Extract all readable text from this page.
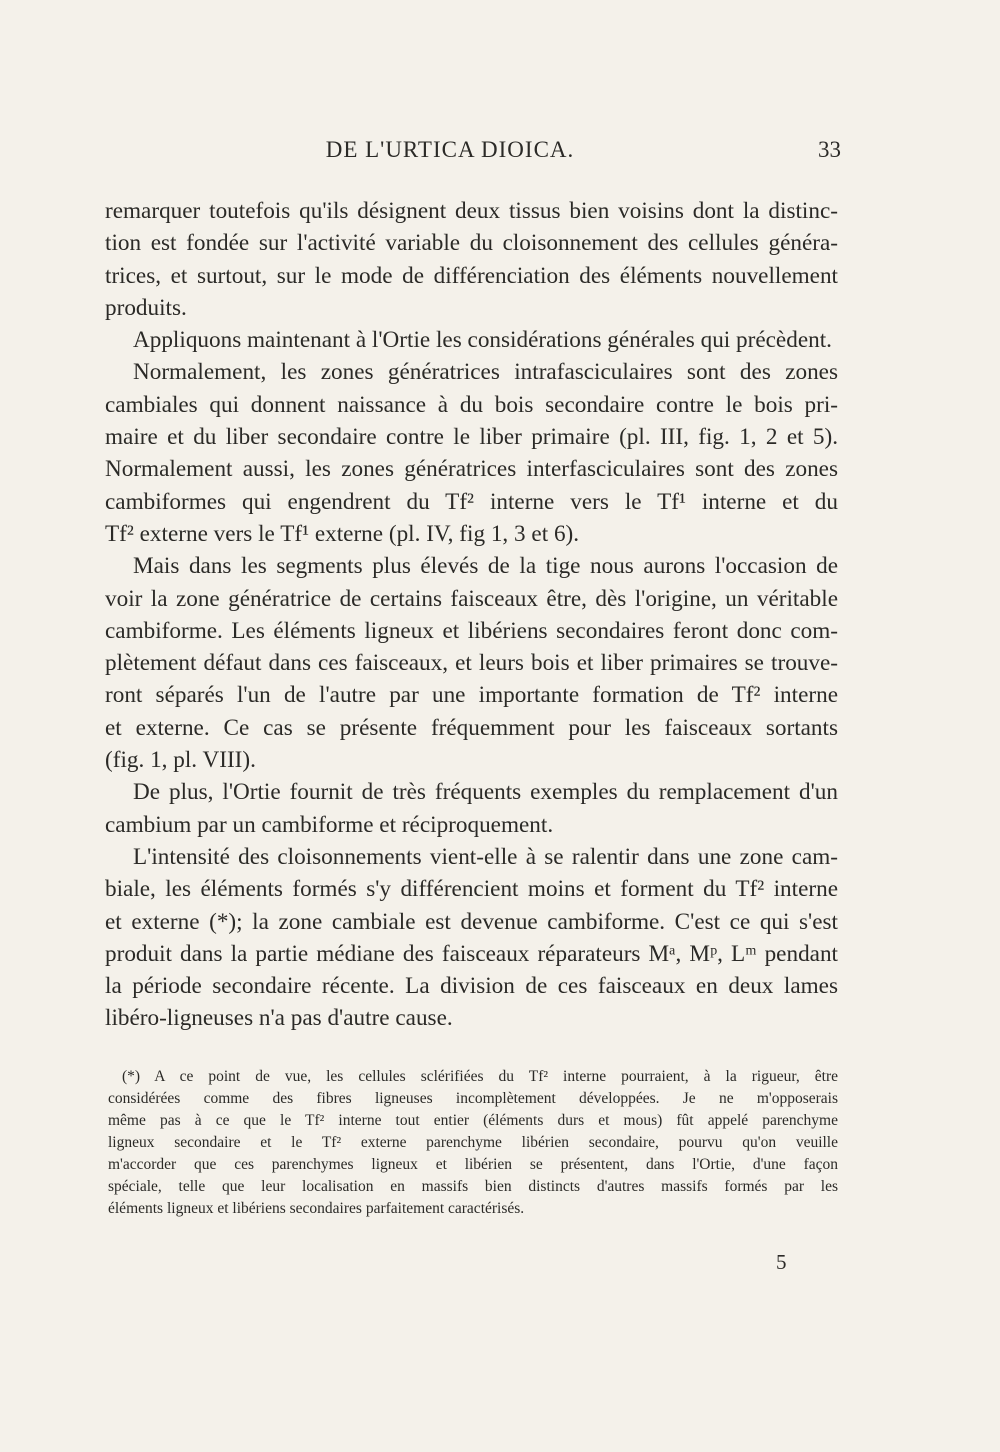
DE L'URTICA DIOICA.	33
remarquer toutefois qu'ils désignent deux tissus bien voisins dont la distinc-
tion est fondée sur l'activité variable du cloisonnement des cellules généra-
trices, et surtout, sur le mode de différenciation des éléments nouvellement
produits.
Appliquons maintenant à l'Ortie les considérations générales qui précèdent.
Normalement, les zones génératrices intrafasciculaires sont des zones
cambiales qui donnent naissance à du bois secondaire contre le bois pri-
maire et du liber secondaire contre le liber primaire (pl. III, fig. 1, 2 et 5).
Normalement aussi, les zones génératrices interfasciculaires sont des zones
cambiformes qui engendrent du Tf² interne vers le Tf¹ interne et du
Tf² externe vers le Tf¹ externe (pl. IV, fig 1, 3 et 6).
Mais dans les segments plus élevés de la tige nous aurons l'occasion de
voir la zone génératrice de certains faisceaux être, dès l'origine, un véritable
cambiforme. Les éléments ligneux et libériens secondaires feront donc com-
plètement défaut dans ces faisceaux, et leurs bois et liber primaires se trouve-
ront séparés l'un de l'autre par une importante formation de Tf² interne
et externe. Ce cas se présente fréquemment pour les faisceaux sortants
(fig. 1, pl. VIII).
De plus, l'Ortie fournit de très fréquents exemples du remplacement d'un
cambium par un cambiforme et réciproquement.
L'intensité des cloisonnements vient-elle à se ralentir dans une zone cam-
biale, les éléments formés s'y différencient moins et forment du Tf² interne
et externe (*); la zone cambiale est devenue cambiforme. C'est ce qui s'est
produit dans la partie médiane des faisceaux réparateurs Mᵃ, Mᵖ, Lᵐ pendant
la période secondaire récente. La division de ces faisceaux en deux lames
libéro-ligneuses n'a pas d'autre cause.
(*) A ce point de vue, les cellules sclérifiées du Tf² interne pourraient, à la rigueur, être
considérées comme des fibres ligneuses incomplètement développées. Je ne m'opposerais
même pas à ce que le Tf² interne tout entier (éléments durs et mous) fût appelé parenchyme
ligneux secondaire et le Tf² externe parenchyme libérien secondaire, pourvu qu'on veuille
m'accorder que ces parenchymes ligneux et libérien se présentent, dans l'Ortie, d'une façon
spéciale, telle que leur localisation en massifs bien distincts d'autres massifs formés par les
éléments ligneux et libériens secondaires parfaitement caractérisés.
5
